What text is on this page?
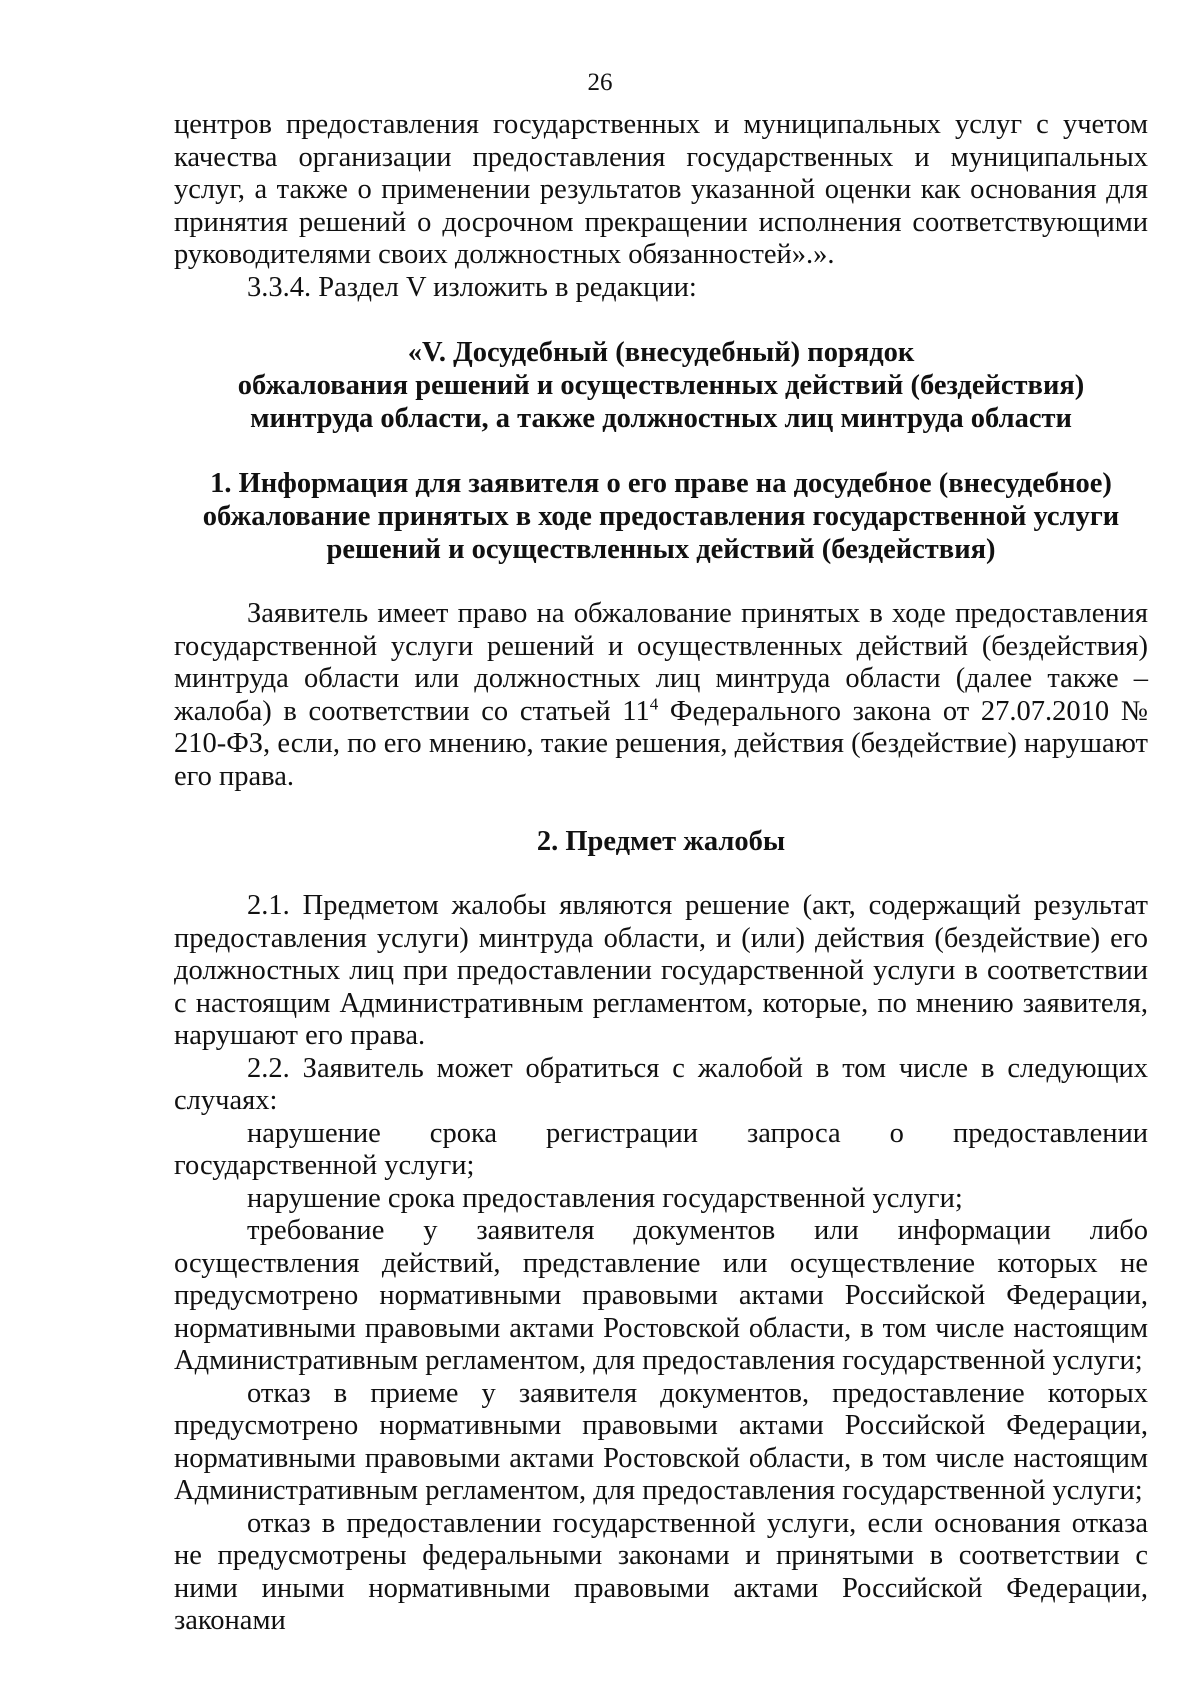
26

центров предоставления государственных и муниципальных услуг с учетом качества организации предоставления государственных и муниципальных услуг, а также о применении результатов указанной оценки как основания для принятия решений о досрочном прекращении исполнения соответствующими руководителями своих должностных обязанностей».».

3.3.4. Раздел V изложить в редакции:

«V. Досудебный (внесудебный) порядок
обжалования решений и осуществленных действий (бездействия)
минтруда области, а также должностных лиц минтруда области

1. Информация для заявителя о его праве на досудебное (внесудебное)
обжалование принятых в ходе предоставления государственной услуги
решений и осуществленных действий (бездействия)

Заявитель имеет право на обжалование принятых в ходе предоставления государственной услуги решений и осуществленных действий (бездействия) минтруда области или должностных лиц минтруда области (далее также – жалоба) в соответствии со статьей $11^4$ Федерального закона от 27.07.2010 № 210-ФЗ, если, по его мнению, такие решения, действия (бездействие) нарушают его права.

2. Предмет жалобы

2.1. Предметом жалобы являются решение (акт, содержащий результат предоставления услуги) минтруда области, и (или) действия (бездействие) его должностных лиц при предоставлении государственной услуги в соответствии с настоящим Административным регламентом, которые, по мнению заявителя, нарушают его права.

2.2. Заявитель может обратиться с жалобой в том числе в следующих случаях:

нарушение срока регистрации запроса о предоставлении государственной услуги;

нарушение срока предоставления государственной услуги;

требование у заявителя документов или информации либо осуществления действий, представление или осуществление которых не предусмотрено нормативными правовыми актами Российской Федерации, нормативными правовыми актами Ростовской области, в том числе настоящим Административным регламентом, для предоставления государственной услуги;

отказ в приеме у заявителя документов, предоставление которых предусмотрено нормативными правовыми актами Российской Федерации, нормативными правовыми актами Ростовской области, в том числе настоящим Административным регламентом, для предоставления государственной услуги;

отказ в предоставлении государственной услуги, если основания отказа не предусмотрены федеральными законами и принятыми в соответствии с ними иными нормативными правовыми актами Российской Федерации, законами
